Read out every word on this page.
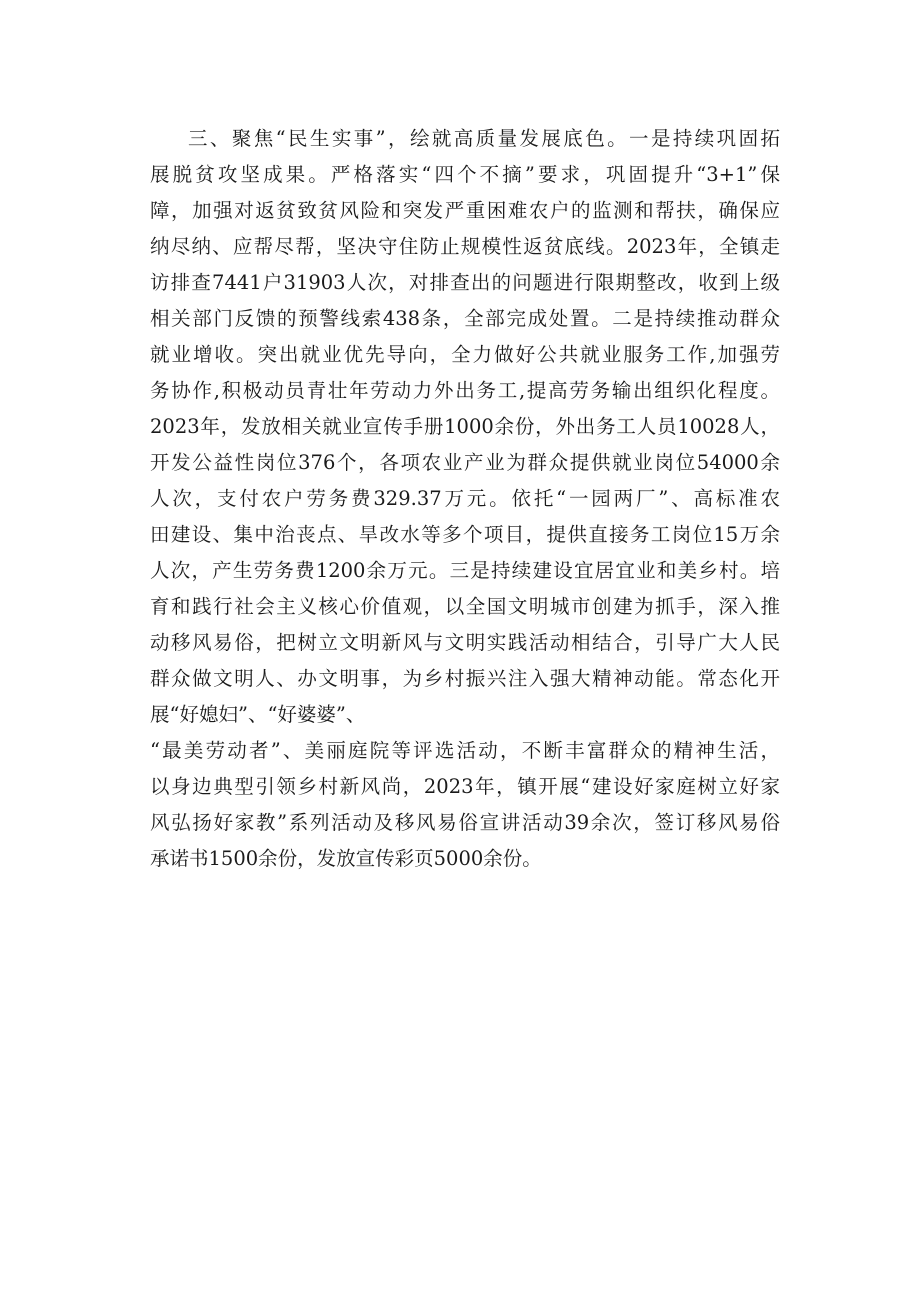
三、聚焦“民生实事”，绘就高质量发展底色。一是持续巩固拓
展脱贫攻坚成果。严格落实“四个不摘”要求，巩固提升“3+1”保
障，加强对返贫致贫风险和突发严重困难农户的监测和帮扶，确保应
纳尽纳、应帮尽帮，坚决守住防止规模性返贫底线。2023年，全镇走
访排查7441户31903人次，对排查出的问题进行限期整改，收到上级
相关部门反馈的预警线索438条，全部完成处置。二是持续推动群众
就业增收。突出就业优先导向，全力做好公共就业服务工作,加强劳
务协作,积极动员青壮年劳动力外出务工,提高劳务输出组织化程度。
2023年，发放相关就业宣传手册1000余份，外出务工人员10028人，
开发公益性岗位376个，各项农业产业为群众提供就业岗位54000余
人次，支付农户劳务费329.37万元。依托“一园两厂”、高标准农
田建设、集中治丧点、旱改水等多个项目，提供直接务工岗位15万余
人次，产生劳务费1200余万元。三是持续建设宜居宜业和美乡村。培
育和践行社会主义核心价值观，以全国文明城市创建为抓手，深入推
动移风易俗，把树立文明新风与文明实践活动相结合，引导广大人民
群众做文明人、办文明事，为乡村振兴注入强大精神动能。常态化开
展“好媳妇”、“好婆婆”、
“最美劳动者”、美丽庭院等评选活动，不断丰富群众的精神生活，
以身边典型引领乡村新风尚，2023年，镇开展“建设好家庭树立好家
风弘扬好家教”系列活动及移风易俗宣讲活动39余次，签订移风易俗
承诺书1500余份，发放宣传彩页5000余份。
